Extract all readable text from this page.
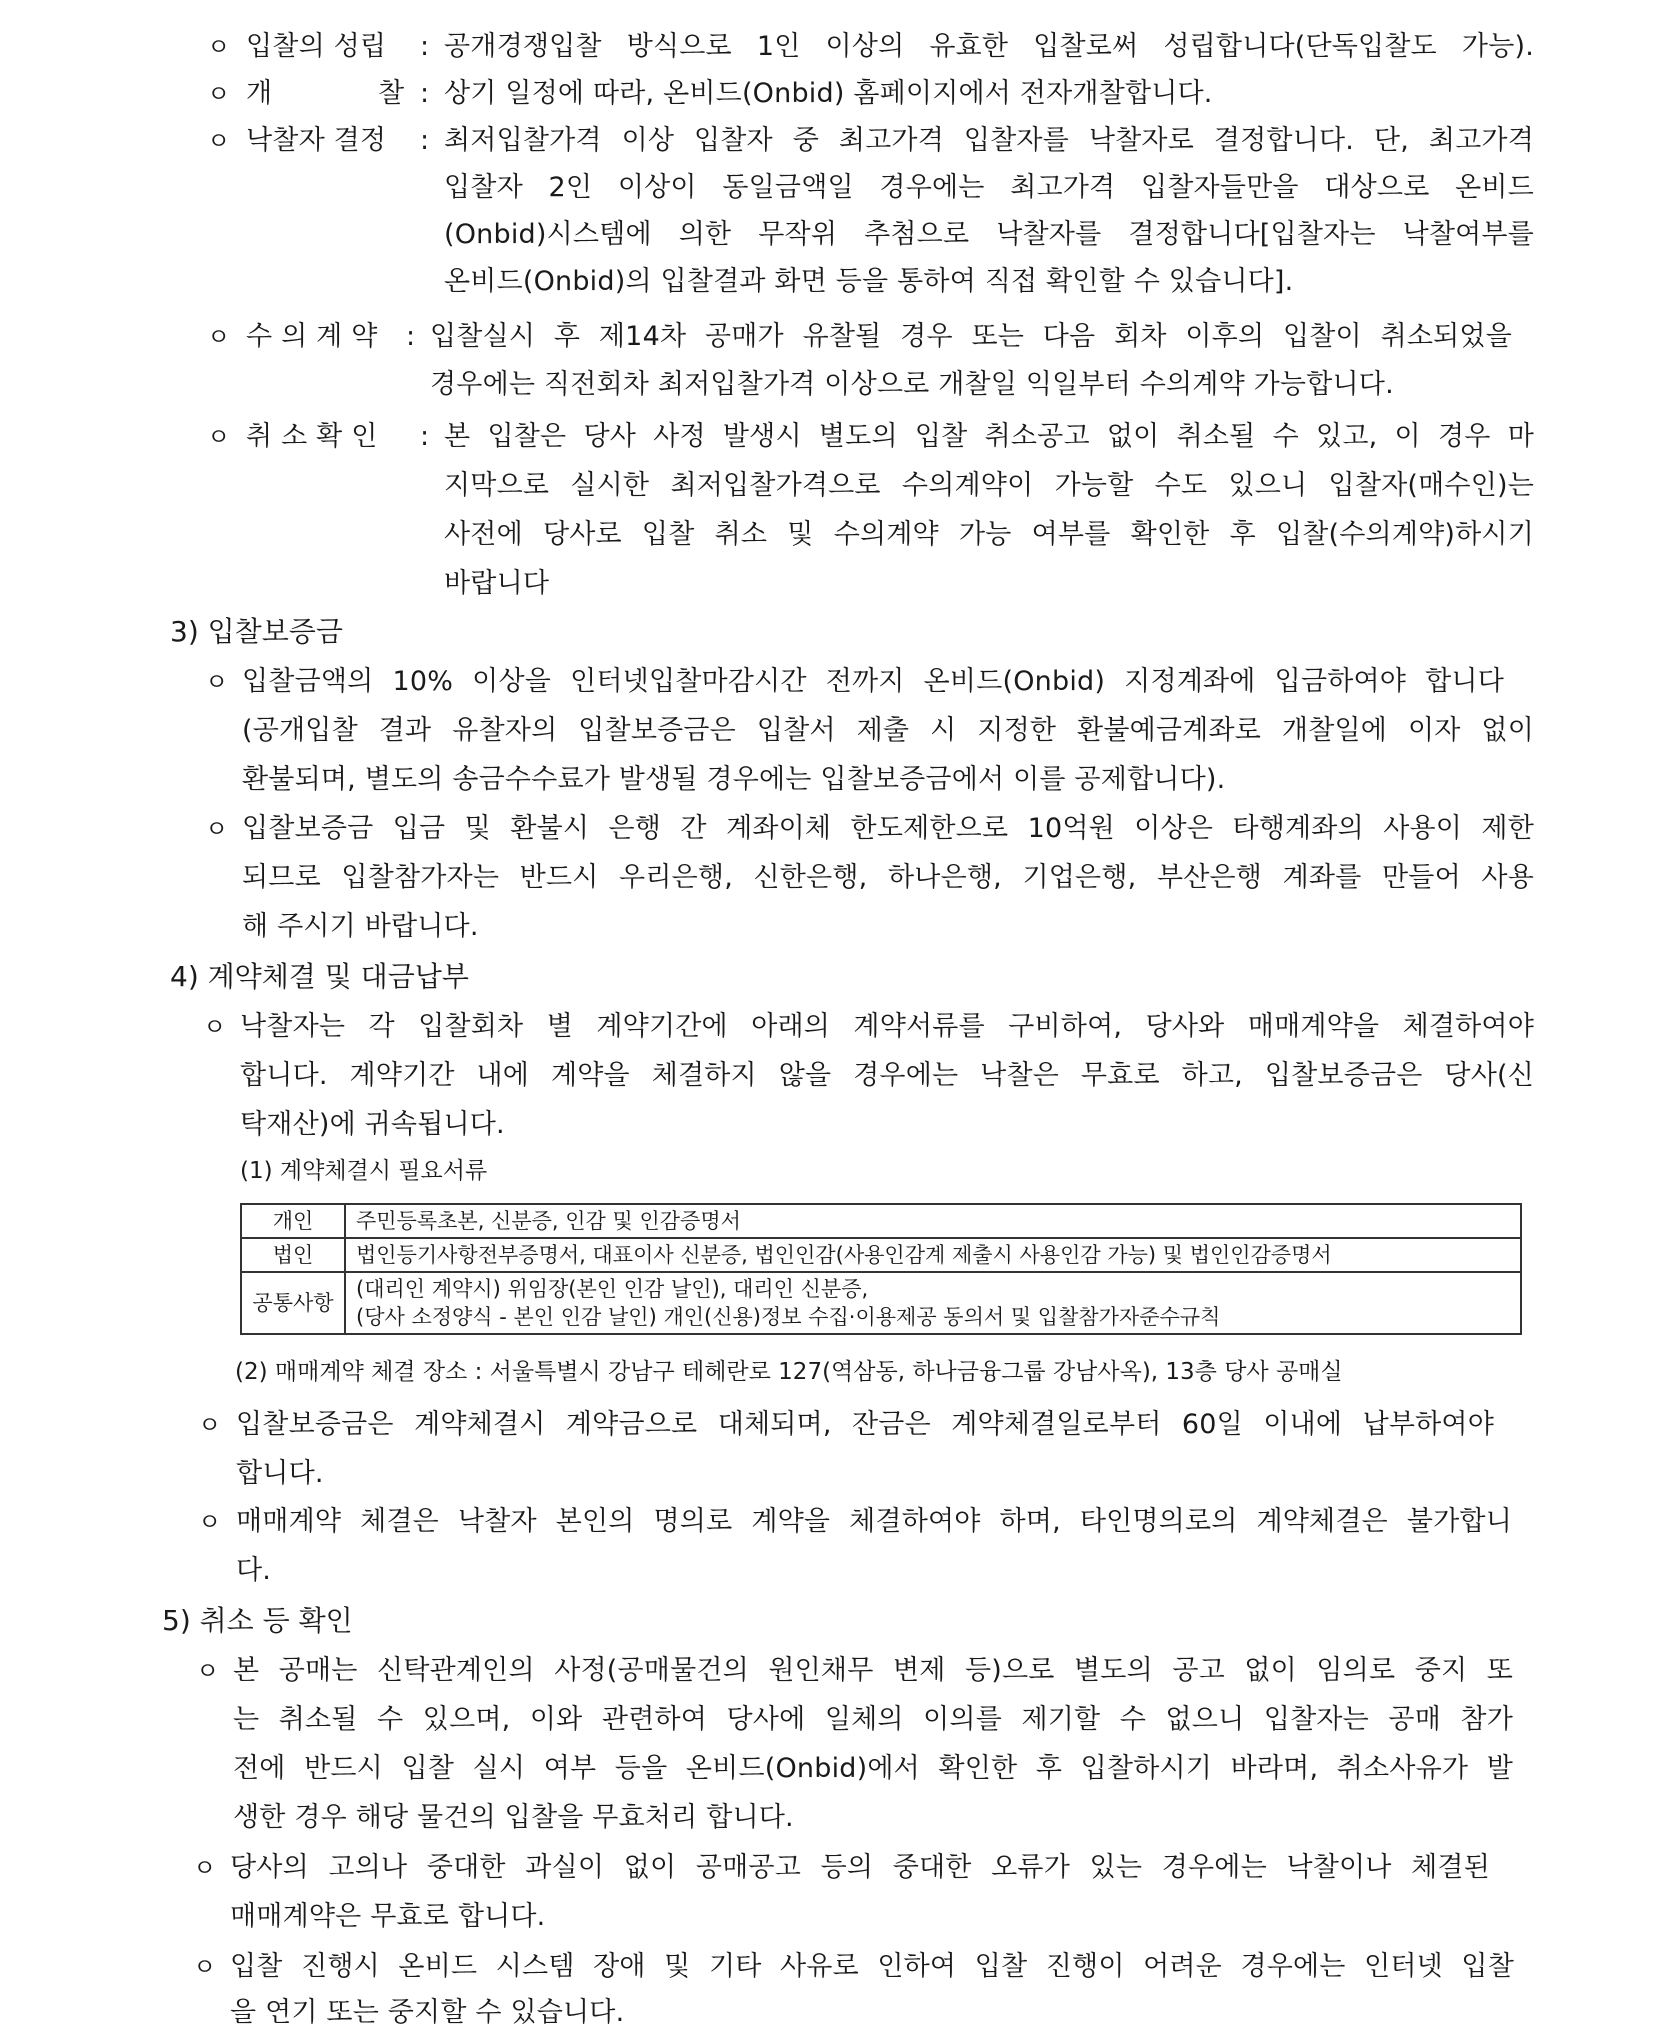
ㅇ 입찰의 성립 : 공개경쟁입찰 방식으로 1인 이상의 유효한 입찰로써 성립합니다(단독입찰도 가능).
ㅇ 개	찰 : 상기 일정에 따라, 온비드(Onbid) 홈페이지에서 전자개찰합니다.
ㅇ 낙찰자 결정 : 최저입찰가격 이상 입찰자 중 최고가격 입찰자를 낙찰자로 결정합니다. 단, 최고가격
입찰자 2인 이상이 동일금액일 경우에는 최고가격 입찰자들만을 대상으로 온비드
(Onbid)시스템에 의한 무작위 추첨으로 낙찰자를 결정합니다[입찰자는 낙찰여부를
온비드(Onbid)의 입찰결과 화면 등을 통하여 직접 확인할 수 있습니다].
ㅇ 수 의 계 약 : 입찰실시 후 제14차 공매가 유찰될 경우 또는 다음 회차 이후의 입찰이 취소되었을
경우에는 직전회차 최저입찰가격 이상으로 개찰일 익일부터 수의계약 가능합니다.
ㅇ 취 소 확 인 : 본 입찰은 당사 사정 발생시 별도의 입찰 취소공고 없이 취소될 수 있고, 이 경우 마
지막으로 실시한 최저입찰가격으로 수의계약이 가능할 수도 있으니 입찰자(매수인)는
사전에 당사로 입찰 취소 및 수의계약 가능 여부를 확인한 후 입찰(수의계약)하시기
바랍니다
3) 입찰보증금
ㅇ 입찰금액의 10% 이상을 인터넷입찰마감시간 전까지 온비드(Onbid) 지정계좌에 입금하여야 합니다
(공개입찰 결과 유찰자의 입찰보증금은 입찰서 제출 시 지정한 환불예금계좌로 개찰일에 이자 없이
환불되며, 별도의 송금수수료가 발생될 경우에는 입찰보증금에서 이를 공제합니다).
ㅇ 입찰보증금 입금 및 환불시 은행 간 계좌이체 한도제한으로 10억원 이상은 타행계좌의 사용이 제한
되므로 입찰참가자는 반드시 우리은행, 신한은행, 하나은행, 기업은행, 부산은행 계좌를 만들어 사용
해 주시기 바랍니다.
4) 계약체결 및 대금납부
ㅇ 낙찰자는 각 입찰회차 별 계약기간에 아래의 계약서류를 구비하여, 당사와 매매계약을 체결하여야
합니다. 계약기간 내에 계약을 체결하지 않을 경우에는 낙찰은 무효로 하고, 입찰보증금은 당사(신
탁재산)에 귀속됩니다.
(1) 계약체결시 필요서류
개인	주민등록초본, 신분증, 인감 및 인감증명서
법인	법인등기사항전부증명서, 대표이사 신분증, 법인인감(사용인감계 제출시 사용인감 가능) 및 법인인감증명서
공통사항	(대리인 계약시) 위임장(본인 인감 날인), 대리인 신분증,
(당사 소정양식 - 본인 인감 날인) 개인(신용)정보 수집·이용제공 동의서 및 입찰참가자준수규칙
(2) 매매계약 체결 장소 : 서울특별시 강남구 테헤란로 127(역삼동, 하나금융그룹 강남사옥), 13층 당사 공매실
ㅇ 입찰보증금은 계약체결시 계약금으로 대체되며, 잔금은 계약체결일로부터 60일 이내에 납부하여야
합니다.
ㅇ 매매계약 체결은 낙찰자 본인의 명의로 계약을 체결하여야 하며, 타인명의로의 계약체결은 불가합니
다.
5) 취소 등 확인
ㅇ 본 공매는 신탁관계인의 사정(공매물건의 원인채무 변제 등)으로 별도의 공고 없이 임의로 중지 또
는 취소될 수 있으며, 이와 관련하여 당사에 일체의 이의를 제기할 수 없으니 입찰자는 공매 참가
전에 반드시 입찰 실시 여부 등을 온비드(Onbid)에서 확인한 후 입찰하시기 바라며, 취소사유가 발
생한 경우 해당 물건의 입찰을 무효처리 합니다.
ㅇ 당사의 고의나 중대한 과실이 없이 공매공고 등의 중대한 오류가 있는 경우에는 낙찰이나 체결된
매매계약은 무효로 합니다.
ㅇ 입찰 진행시 온비드 시스템 장애 및 기타 사유로 인하여 입찰 진행이 어려운 경우에는 인터넷 입찰
을 연기 또는 중지할 수 있습니다.
